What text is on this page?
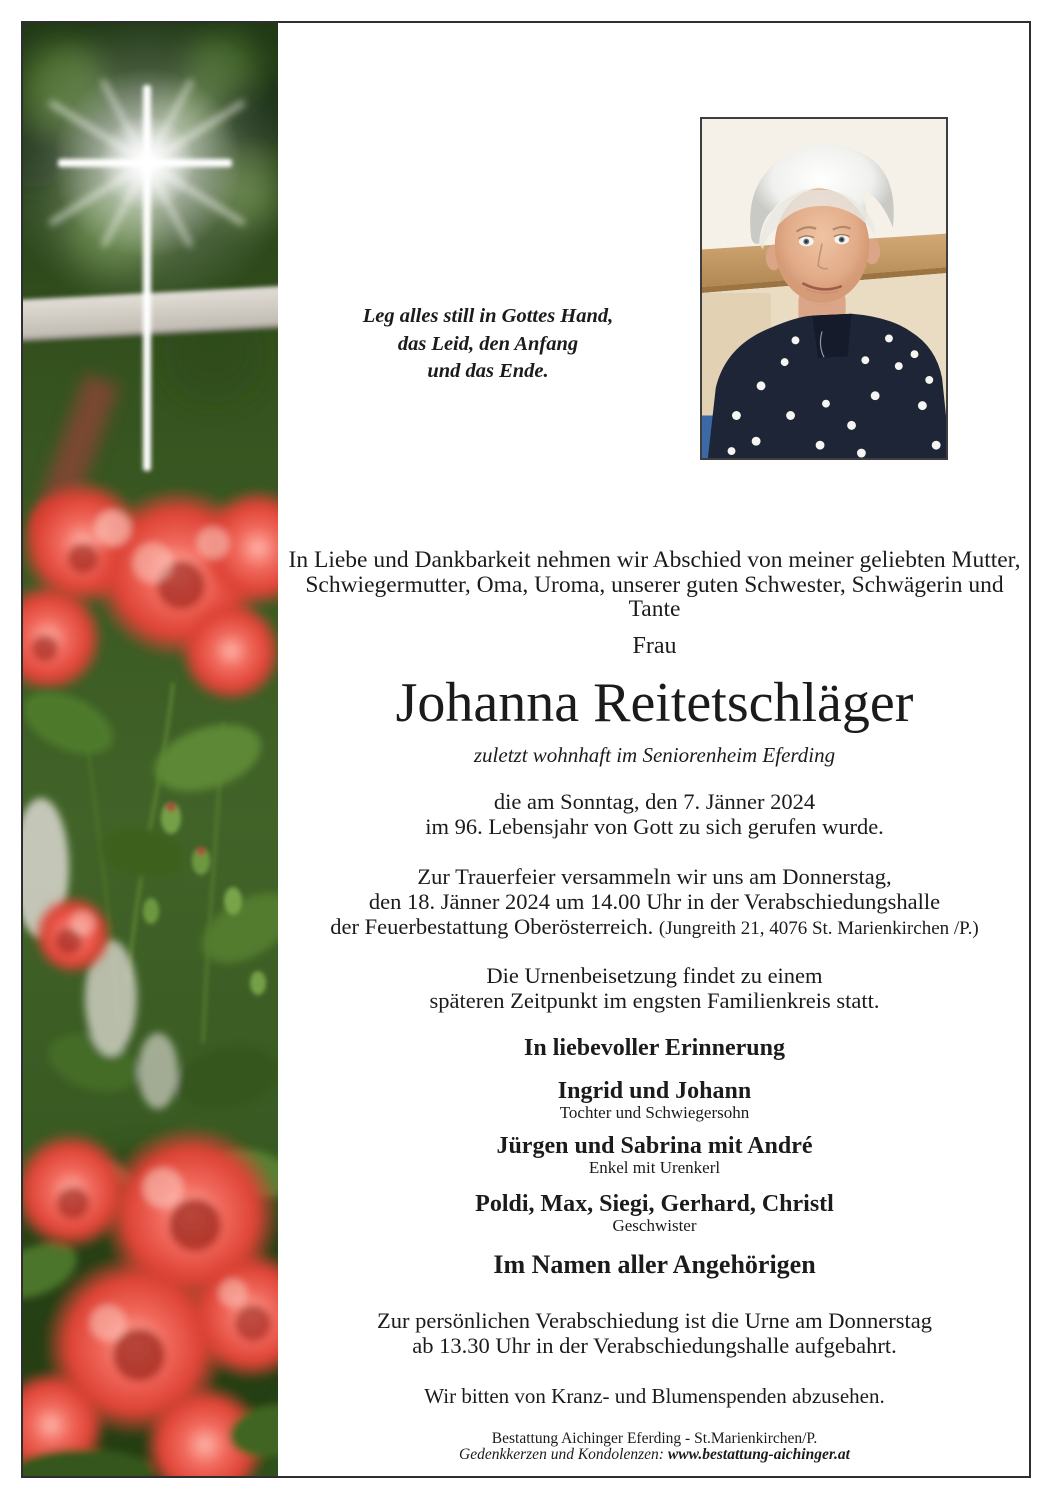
Leg alles still in Gottes Hand,
das Leid, den Anfang
und das Ende.
In Liebe und Dankbarkeit nehmen wir Abschied von meiner geliebten Mutter,
Schwiegermutter, Oma, Uroma, unserer guten Schwester, Schwägerin und Tante
Frau
Johanna Reitetschläger
zuletzt wohnhaft im Seniorenheim Eferding
die am Sonntag, den 7. Jänner 2024
im 96. Lebensjahr von Gott zu sich gerufen wurde.
Zur Trauerfeier versammeln wir uns am Donnerstag,
den 18. Jänner 2024 um 14.00 Uhr in der Verabschiedungshalle
der Feuerbestattung Oberösterreich. (Jungreith 21, 4076 St. Marienkirchen /P.)
Die Urnenbeisetzung findet zu einem
späteren Zeitpunkt im engsten Familienkreis statt.
In liebevoller Erinnerung
Ingrid und Johann
Tochter und Schwiegersohn
Jürgen und Sabrina mit André
Enkel mit Urenkerl
Poldi, Max, Siegi, Gerhard, Christl
Geschwister
Im Namen aller Angehörigen
Zur persönlichen Verabschiedung ist die Urne am Donnerstag
ab 13.30 Uhr in der Verabschiedungshalle aufgebahrt.
Wir bitten von Kranz- und Blumenspenden abzusehen.
Bestattung Aichinger Eferding - St.Marienkirchen/P.
Gedenkkerzen und Kondolenzen: www.bestattung-aichinger.at
